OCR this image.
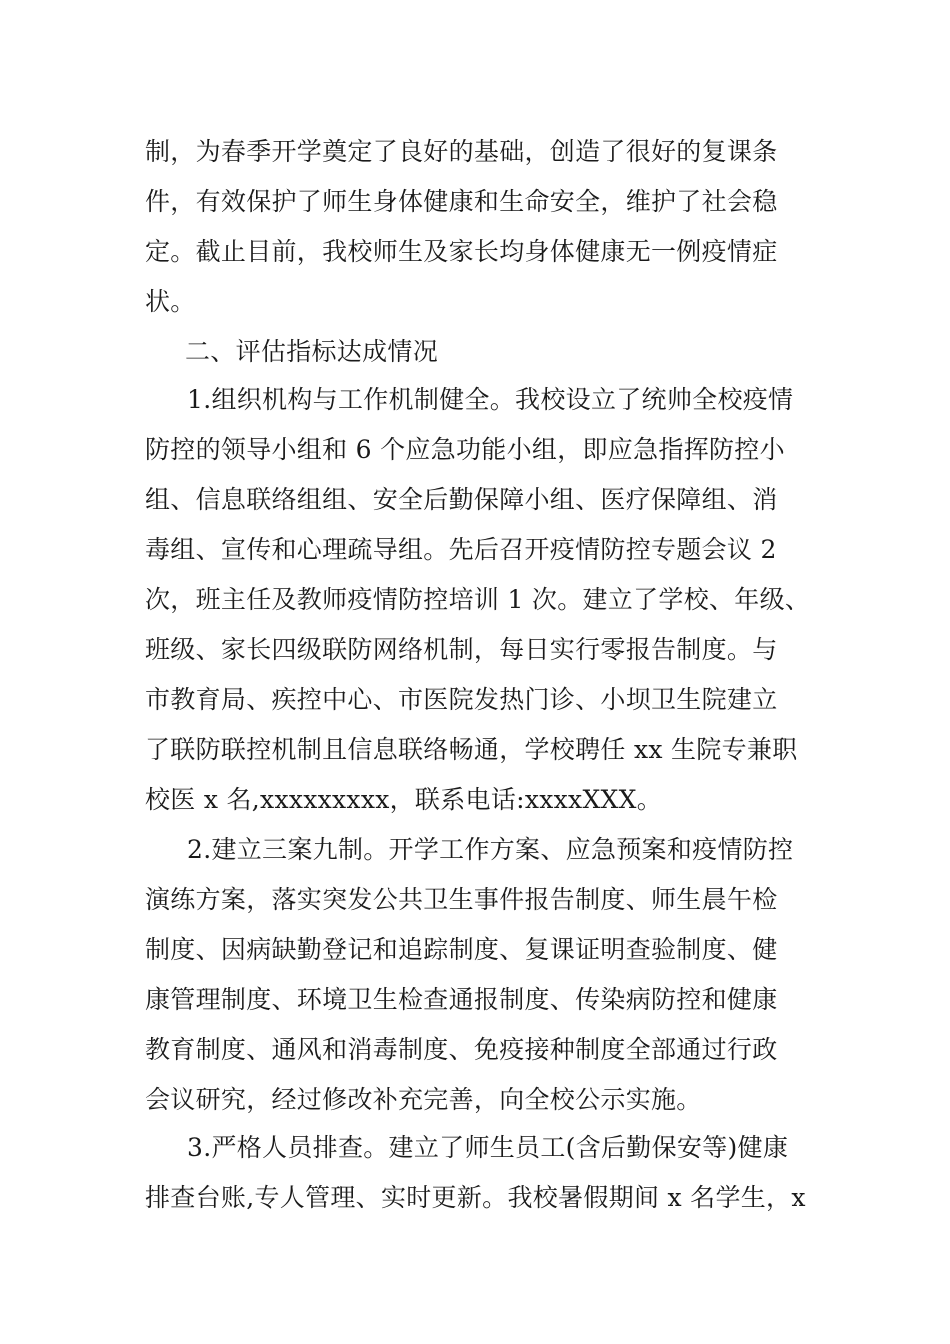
制，为春季开学奠定了良好的基础，创造了很好的复课条
件，有效保护了师生身体健康和生命安全，维护了社会稳
定。截止目前，我校师生及家长均身体健康无一例疫情症
状。
二、评估指标达成情况
1.组织机构与工作机制健全。我校设立了统帅全校疫情
防控的领导小组和 6 个应急功能小组，即应急指挥防控小
组、信息联络组组、安全后勤保障小组、医疗保障组、消
毒组、宣传和心理疏导组。先后召开疫情防控专题会议 2
次，班主任及教师疫情防控培训 1 次。建立了学校、年级、
班级、家长四级联防网络机制，每日实行零报告制度。与
市教育局、疾控中心、市医院发热门诊、小坝卫生院建立
了联防联控机制且信息联络畅通，学校聘任 xx 生院专兼职
校医 x 名,xxxxxxxxx，联系电话:xxxxXXX。
2.建立三案九制。开学工作方案、应急预案和疫情防控
演练方案，落实突发公共卫生事件报告制度、师生晨午检
制度、因病缺勤登记和追踪制度、复课证明查验制度、健
康管理制度、环境卫生检查通报制度、传染病防控和健康
教育制度、通风和消毒制度、免疫接种制度全部通过行政
会议研究，经过修改补充完善，向全校公示实施。
3.严格人员排查。建立了师生员工(含后勤保安等)健康
排查台账,专人管理、实时更新。我校暑假期间 x 名学生，x
